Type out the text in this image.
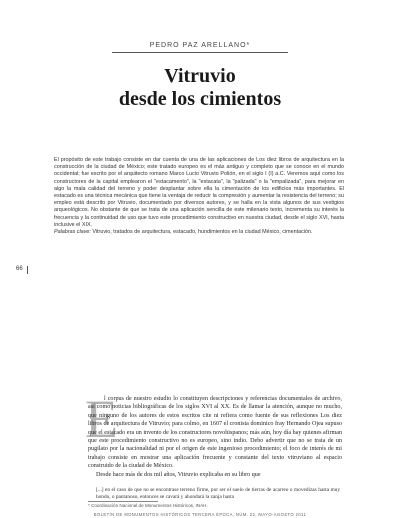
PEDRO PAZ ARELLANO*
Vitruvio
desde los cimientos

El propósito de este trabajo consiste en dar cuenta de una de las aplicaciones de Los diez libros de arquitectura en la construcción de la ciudad de México; este tratado europeo es el más antiguo y completo que se conoce en el mundo occidental; fue escrito por el arquitecto romano Marco Lucio Vitruvio Polión, en el siglo I (I) a.C. Veremos aquí como los constructores de la capital emplearon el "estacamento", la "estacata", la "palizada" o la "empalizada", para mejorar en algo la mala calidad del terreno y poder desplantar sobre ella la cimentación de los edificios más importantes. El estacado es una técnica mecánica que tiene la ventaja de reducir la compresión y aumentar la resistencia del terreno; su empleo está descrito por Vitruvio, documentado por diversos autores, y se halla en la vista algunos de sus vestigios arqueológicos. No obstante de que se trata de una aplicación sencilla de este milenario texto, incrementa su interés la frecuencia y la continuidad de uso que tuvo este procedimiento constructivo en nuestra ciudad, desde el siglo XVI, hasta inclusive el XIX.

Palabras clave: Vitruvio, tratados de arquitectura, estacado, hundimientos en la ciudad México, cimentación.

66
E

l corpus de nuestro estudio lo constituyen descripciones y referencias documentales de archivo, así como noticias bibliográficas de los siglos XVI al XX. Es de llamar la atención, aunque no mucho, que ninguno de los autores de estos escritos cite ni refiera como fuente de sus reflexiones Los diez libros de arquitectura de Vitruvio; para colmo, en 1607 el cronista dominico fray Hernando Ojea supuso que el estacado era un invento de los constructores novohispanos; más aún, hoy día hay quienes afirman que este procedimiento constructivo no es europeo, sino indio. Debo advertir que no se trata de un pugilato por la nacionalidad ni por el origen de este ingenioso procedimiento; el foco de interés de mi trabajo consiste en mostrar una aplicación frecuente y constante del texto vitruviano al espacio construido de la ciudad de México.

Desde hace más de dos mil años, Vitruvio explicaba en su libro que

[...] en el caso de que no se encontrase terreno firme, por ser el suelo de tierras de acarreo o movedizas hasta muy hondo, o pantanoso, entonces se cavará y ahondará la zanja hasta
* Coordinación Nacional de Monumentos Históricos, INAH.
BOLETÍN DE MONUMENTOS HISTÓRICOS TERCERA ÉPOCA, NÚM. 22, MAYO-AGOSTO 2011
